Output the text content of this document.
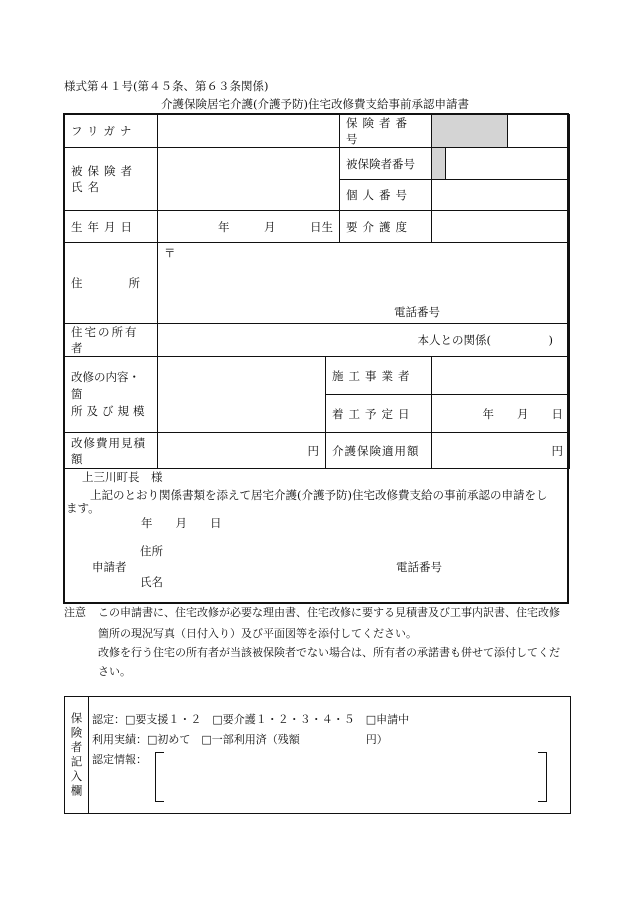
様式第４１号(第４５条、第６３条関係)
介護保険居宅介護(介護予防)住宅改修費支給事前承認申請書
フリガナ			保険者番号			

被保険者氏名			被保険者番号			

			個人番号			

生年月日	年　　　月　　　日生		要介護度			
住　　　　所	〒
電話番号					

住宅の所有者	本人との関係(　　　　　)					
改修の内容・箇
所及び規模		施工事業者				
		着工予定日		年　　月　　日		
改修費用見積額	円	介護保険適用額		円		
上三川町長　様
上記のとおり関係書類を添えて居宅介護(介護予防)住宅改修費支給の事前承認の申請をし
ます。
年　　月　　日
住所
申請者	電話番号
氏名
注意 この申請書に、住宅改修が必要な理由書、住宅改修に要する見積書及び工事内訳書、住宅改修
箇所の現況写真（日付入り）及び平面図等を添付してください。
改修を行う住宅の所有者が当該被保険者でない場合は、所有者の承諾書も併せて添付してくだ
さい。
保険者記入欄 認定：□要支援１・２　□要介護１・２・３・４・５　□申請中
利用実績：□初めて　□一部利用済（残額　　　　　　円）
認定情報：
